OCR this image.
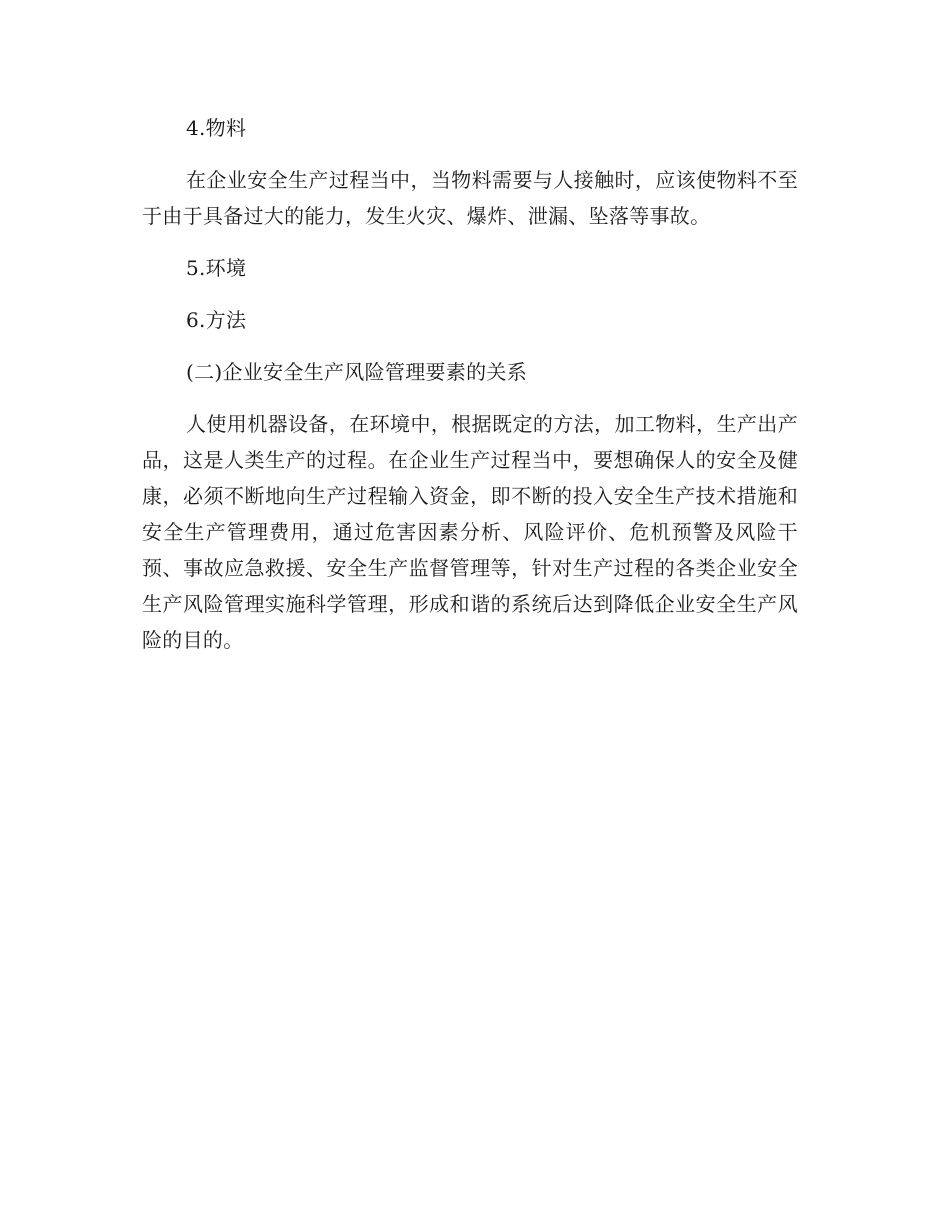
4.物料

在企业安全生产过程当中，当物料需要与人接触时，应该使物料不至于由于具备过大的能力，发生火灾、爆炸、泄漏、坠落等事故。

5.环境

6.方法

(二)企业安全生产风险管理要素的关系

人使用机器设备，在环境中，根据既定的方法，加工物料，生产出产品，这是人类生产的过程。在企业生产过程当中，要想确保人的安全及健康，必须不断地向生产过程输入资金，即不断的投入安全生产技术措施和安全生产管理费用，通过危害因素分析、风险评价、危机预警及风险干预、事故应急救援、安全生产监督管理等，针对生产过程的各类企业安全生产风险管理实施科学管理，形成和谐的系统后达到降低企业安全生产风险的目的。
